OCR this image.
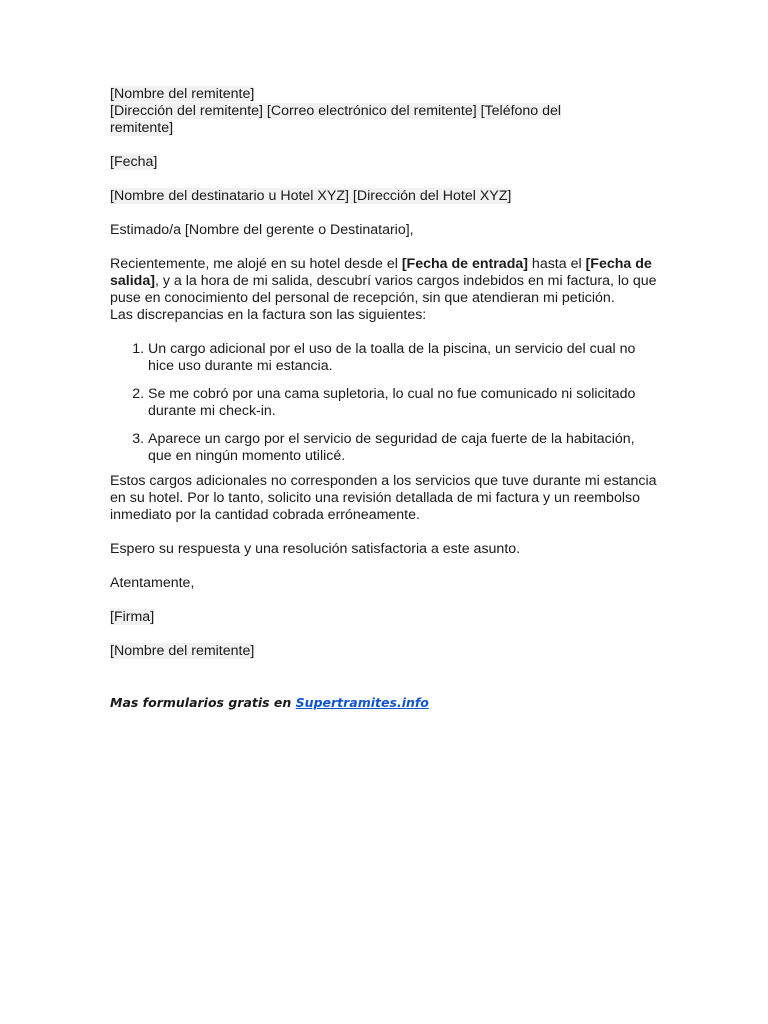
[Nombre del remitente]
[Dirección del remitente] [Correo electrónico del remitente] [Teléfono del
remitente]

[Fecha]

[Nombre del destinatario u Hotel XYZ] [Dirección del Hotel XYZ]

Estimado/a [Nombre del gerente o Destinatario],

Recientemente, me alojé en su hotel desde el [Fecha de entrada] hasta el [Fecha de salida], y a la hora de mi salida, descubrí varios cargos indebidos en mi factura, lo que puse en conocimiento del personal de recepción, sin que atendieran mi petición.

Las discrepancias en la factura son las siguientes:

1. Un cargo adicional por el uso de la toalla de la piscina, un servicio del cual no hice uso durante mi estancia.
2. Se me cobró por una cama supletoria, lo cual no fue comunicado ni solicitado durante mi check-in.
3. Aparece un cargo por el servicio de seguridad de caja fuerte de la habitación, que en ningún momento utilicé.

Estos cargos adicionales no corresponden a los servicios que tuve durante mi estancia en su hotel. Por lo tanto, solicito una revisión detallada de mi factura y un reembolso inmediato por la cantidad cobrada erróneamente.

Espero su respuesta y una resolución satisfactoria a este asunto.

Atentamente,

[Firma]

[Nombre del remitente]

Mas formularios gratis en Supertramites.info
